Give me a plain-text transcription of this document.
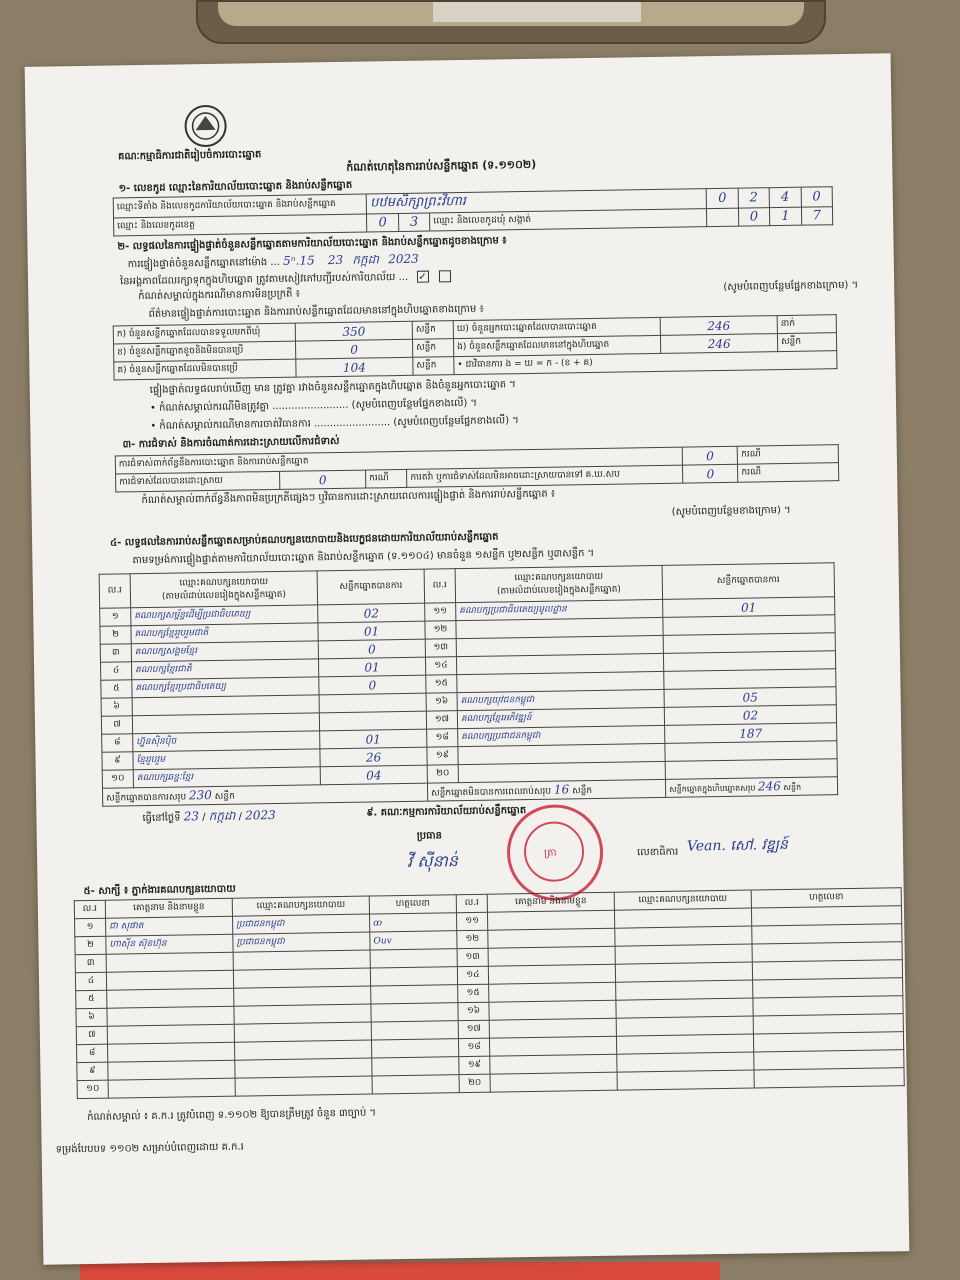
គណៈកម្មាធិការជាតិរៀបចំការបោះឆ្នោត
កំណត់ហេតុនៃការរាប់សន្លឹកឆ្នោត (ទ.១១០២)
១- លេខកូដ ឈ្មោះនៃការិយាល័យបោះឆ្នោត និងរាប់សន្លឹកឆ្នោត
ឈ្មោះទីតាំង និងលេខកូដការិយាល័យបោះឆ្នោត និងរាប់សន្លឹកឆ្នោត	បឋមសិក្សាព្រះវិហារ			0	2	4	0
ឈ្មោះ និងលេខកូដខេត្ត	0	3	ឈ្មោះ និងលេខកូដឃុំ សង្កាត់		0	1	7
២- លទ្ធផលនៃការផ្ទៀងផ្ទាត់ចំនួនសន្លឹកឆ្នោតតាមការិយាល័យបោះឆ្នោត និងរាប់សន្លឹកឆ្នោតដូចខាងក្រោម ៖
ការផ្ទៀងផ្ទាត់ចំនួនសន្លឹកឆ្នោតនៅម៉ោង ... 5ⁿ.15 23 កក្កដា 2023
នៃអង្គភាពដែលរក្សាទុកក្នុងហិបឆ្នោត ត្រូវតាមសៀវភៅបញ្ជីរបស់ការិយាល័យ ... ✓
កំណត់សម្គាល់ក្នុងករណីមានការមិនប្រក្រតី ៖
(សូមបំពេញបន្ថែមផ្នែកខាងក្រោម) ។
ព័ត៌មានផ្ទៀងផ្ទាត់ការបោះឆ្នោត និងការរាប់សន្លឹកឆ្នោតដែលមាននៅក្នុងហិបឆ្នោតខាងក្រោម ៖
ក) ចំនួនសន្លឹកឆ្នោតដែលបានទទួលមកពីឃុំ	350	សន្លឹក	ឃ) ចំនួនអ្នកបោះឆ្នោតដែលបានបោះឆ្នោត	246	នាក់
ខ) ចំនួនសន្លឹកឆ្នោតខូចនិងមិនបានប្រើ	0	សន្លឹក	ង) ចំនួនសន្លឹកឆ្នោតដែលមាននៅក្នុងហិបឆ្នោត	246	សន្លឹក
គ) ចំនួនសន្លឹកឆ្នោតដែលមិនបានប្រើ	104	សន្លឹក	• ជាវិធានការ ង = ឃ = ក - (ខ + គ)		
ផ្ទៀងផ្ទាត់លទ្ធផលរាប់ឃើញ មាន ត្រូវគ្នា រវាងចំនួនសន្លឹកឆ្នោតក្នុងហិបឆ្នោត និងចំនួនអ្នកបោះឆ្នោត ។
• កំណត់សម្គាល់ករណីមិនត្រូវគ្នា ........................ (សូមបំពេញបន្ថែមផ្នែកខាងលើ) ។
• កំណត់សម្គាល់ករណីមានការចាត់វិធានការ ........................ (សូមបំពេញបន្ថែមផ្នែកខាងលើ) ។
៣- ការជំទាស់ និងការចំណាត់ការដោះស្រាយលើការជំទាស់
ការជំទាស់ពាក់ព័ន្ធនឹងការបោះឆ្នោត និងការរាប់សន្លឹកឆ្នោត				0	ករណី
ការជំទាស់ដែលបានដោះស្រាយ	0	ករណី	ការតវ៉ា ឬការជំទាស់ដែលមិនអាចដោះស្រាយបានទៅ គ.ឃ.សប	0	ករណី
កំណត់សម្គាល់ពាក់ព័ន្ធនឹងភាពមិនប្រក្រតីផ្សេងៗ ឬវិធានការដោះស្រាយពេលការផ្ទៀងផ្ទាត់ និងការរាប់សន្លឹកឆ្នោត ៖
(សូមបំពេញបន្ថែមខាងក្រោម) ។
៤- លទ្ធផលនៃការរាប់សន្លឹកឆ្នោតសម្រាប់គណបក្សនយោបាយនិងបេក្ខជនដោយការិយាល័យរាប់សន្លឹកឆ្នោត
តាមទម្រង់ការផ្ទៀងផ្ទាត់តាមការិយាល័យបោះឆ្នោត និងរាប់សន្លឹកឆ្នោត (ទ.១១០៤) មានចំនួន ១សន្លឹក ឬ២សន្លឹក ឬ៣សន្លឹក ។
ល.រ	ឈ្មោះគណបក្សនយោបាយ
(តាមលំដាប់លេខរៀងក្នុងសន្លឹកឆ្នោត)	សន្លឹកឆ្នោតបានការ	ល.រ	ឈ្មោះគណបក្សនយោបាយ
(តាមលំដាប់លេខរៀងក្នុងសន្លឹកឆ្នោត)	សន្លឹកឆ្នោតបានការ
១	គណបក្សសម្ព័ន្ធដើម្បីប្រជាធិបតេយ្យ	02	១១	គណបក្សប្រជាធិបតេយ្យមូលដ្ឋាន	01
២	គណបក្សខ្មែររួបរួមជាតិ	01	១២		
៣	គណបក្សសង្គមខ្មែរ	0	១៣		
៤	គណបក្សខ្មែរជាតិ	01	១៤		
៥	គណបក្សខ្មែរប្រជាធិបតេយ្យ	0	១៥		
៦			១៦	គណបក្សយុវជនកម្ពុជា	05
៧			១៧	គណបក្សខ្មែរអភិវឌ្ឍន៍	02
៨	ហ្វ៊ុនស៊ិនប៉ិច	01	១៨	គណបក្សប្រជាជនកម្ពុជា	187
៩	ខ្មែររួបរួម	26	១៩		
១០	គណបក្សឆន្ទៈខ្មែរ	04	២០		
សន្លឹកឆ្នោតបានការសរុប 230 សន្លឹក			សន្លឹកឆ្នោតមិនបានការពេលរាប់សរុប 16 សន្លឹក		សន្លឹកឆ្នោតក្នុងហិបឆ្នោតសរុប 246 សន្លឹក
ធ្វើនៅថ្ងៃទី 23 / កក្កដា / 2023	៩. គណៈកម្មការការិយាល័យរាប់សន្លឹកឆ្នោត
ប្រធាន
វី ស៊ីនាន់	ត្រា	លេខាធិការ Vean. សៅ. វឌ្ឍន៍
៥- សាក្សី ៖ ភ្នាក់ងារគណបក្សនយោបាយ
ល.រ	គោត្តនាម និងនាមខ្លួន	ឈ្មោះគណបក្សនយោបាយ	ហត្ថលេខា	ល.រ	គោត្តនាម និងនាមខ្លួន	ឈ្មោះគណបក្សនយោបាយ	ហត្ថលេខា
១	ជា សុផាត	ប្រជាជនកម្ពុជា	ꝏ	១១			
២	ហាស៊ីន ស៊ុខហ៊ុន	ប្រជាជនកម្ពុជា	Ouv	១២			
៣				១៣			
៤				១៤			
៥				១៥			
៦				១៦			
៧				១៧			
៨				១៨			
៩				១៩			
១០				២០			
កំណត់សម្គាល់ ៖ គ.ក.រ ត្រូវបំពេញ ទ.១១០២ ឱ្យបានត្រឹមត្រូវ ចំនួន ៣ច្បាប់ ។
ទម្រង់បែបបទ ១១០២ សម្រាប់បំពេញដោយ គ.ក.រ
